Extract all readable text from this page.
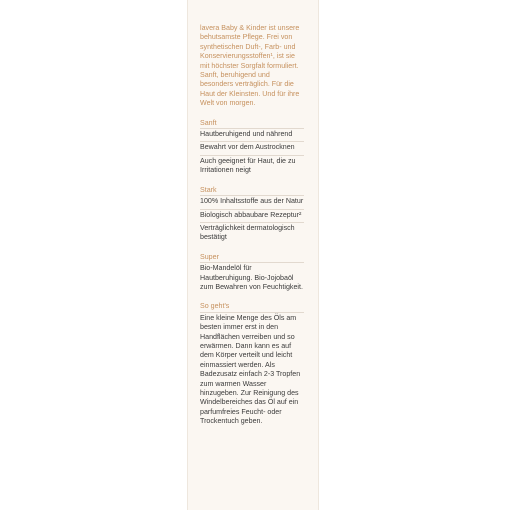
lavera Baby & Kinder ist unsere behutsamste Pflege. Frei von synthetischen Duft-, Farb- und Konservierungsstoffen¹, ist sie mit höchster Sorgfalt formuliert. Sanft, beruhigend und besonders verträglich. Für die Haut der Kleinsten. Und für ihre Welt von morgen.

Sanft

Hautberuhigend und nährend
Bewahrt vor dem Austrocknen
Auch geeignet für Haut, die zu Irritationen neigt

Stark

100% Inhaltsstoffe aus der Natur
Biologisch abbaubare Rezeptur²
Verträglichkeit dermatologisch bestätigt

Super

Bio-Mandelöl für Hautberuhigung. Bio-Jojobaöl zum Bewahren von Feuchtigkeit.

So geht's

Eine kleine Menge des Öls am besten immer erst in den Handflächen verreiben und so erwärmen. Dann kann es auf dem Körper verteilt und leicht einmassiert werden. Als Badezusatz einfach 2-3 Tropfen zum warmen Wasser hinzugeben. Zur Reinigung des Windelbereiches das Öl auf ein parfumfreies Feucht- oder Trockentuch geben.
